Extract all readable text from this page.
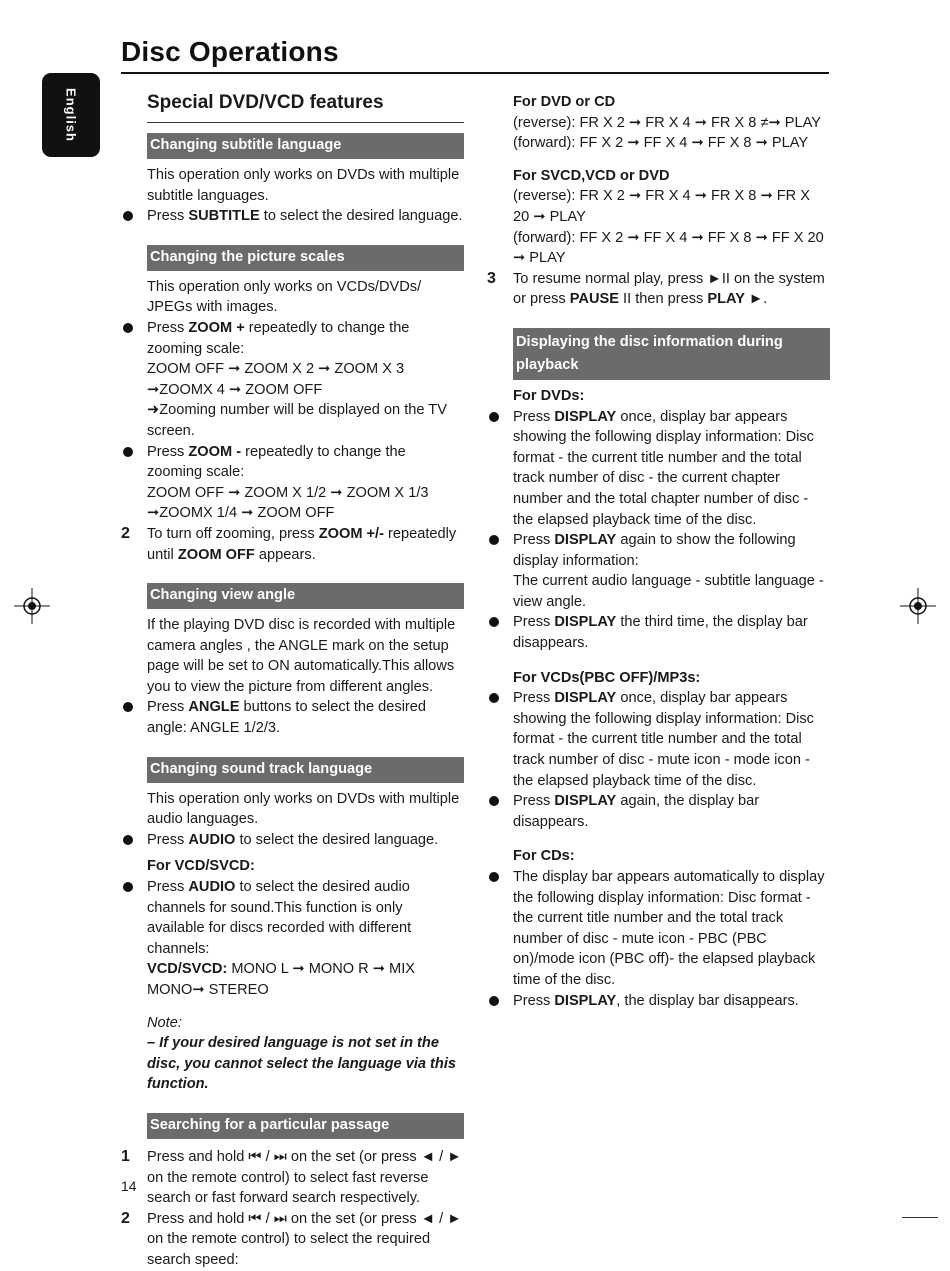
Disc Operations
English	Special DVD/VCD features
Changing subtitle language
This operation only works on DVDs with multiple subtitle languages.
Press SUBTITLE to select the desired language.
Changing the picture scales
This operation only works on VCDs/DVDs/ JPEGs with images.
Press ZOOM + repeatedly to change the zooming scale:
ZOOM OFF ➞ ZOOM X 2 ➞ ZOOM X 3 ➞ZOOMX 4 ➞ ZOOM OFF
➜Zooming number will be displayed on the TV screen.
Press ZOOM - repeatedly to change the zooming scale:
ZOOM OFF ➞ ZOOM X 1/2 ➞ ZOOM X 1/3 ➞ZOOMX 1/4 ➞ ZOOM OFF
2 To turn off zooming, press ZOOM +/- repeatedly until ZOOM OFF appears.
Changing view angle
If the playing DVD disc is recorded with multiple camera angles , the ANGLE mark on the setup page will be set to ON automatically.This allows you to view the picture from different angles.
Press ANGLE buttons to select the desired angle: ANGLE 1/2/3.
Changing sound track language
This operation only works on DVDs with multiple audio languages.
Press AUDIO to select the desired language.
For VCD/SVCD:
Press AUDIO to select the desired audio channels for sound.This function is only available for discs recorded with different channels:
VCD/SVCD: MONO L ➞ MONO R ➞ MIX MONO➞ STEREO
Note:
– If your desired language is not set in the disc, you cannot select the language via this function.
Searching for a particular passage
1 Press and hold ⏮ / ⏭ on the set (or press ◄ / ► on the remote control) to select fast reverse search or fast forward search respectively.
2 Press and hold ⏮ / ⏭ on the set (or press ◄ / ► on the remote control) to select the required search speed:
For DVD or CD
(reverse): FR X 2 ➞ FR X 4 ➞ FR X 8 ≠➞ PLAY
(forward): FF X 2 ➞ FF X 4 ➞ FF X 8 ➞ PLAY
For SVCD,VCD or DVD
(reverse): FR X 2 ➞ FR X 4 ➞ FR X 8 ➞ FR X 20 ➞ PLAY
(forward): FF X 2 ➞ FF X 4 ➞ FF X 8 ➞ FF X 20 ➞ PLAY
3 To resume normal play, press ►II on the system or press PAUSE II then press PLAY ►.
Displaying the disc information during playback
For DVDs:
Press DISPLAY once, display bar appears showing the following display information: Disc format - the current title number and the total track number of disc - the current chapter number and the total chapter number of disc - the elapsed playback time of the disc.
Press DISPLAY again to show the following display information:
The current audio language - subtitle language - view angle.
Press DISPLAY the third time, the display bar disappears.
For VCDs(PBC OFF)/MP3s:
Press DISPLAY once, display bar appears showing the following display information: Disc format - the current title number and the total track number of disc - mute icon - mode icon - the elapsed playback time of the disc.
Press DISPLAY again, the display bar disappears.
For CDs:
The display bar appears automatically to display the following display information: Disc format - the current title number and the total track number of disc - mute icon - PBC (PBC on)/mode icon (PBC off)- the elapsed playback time of the disc.
Press DISPLAY, the display bar disappears.
14
